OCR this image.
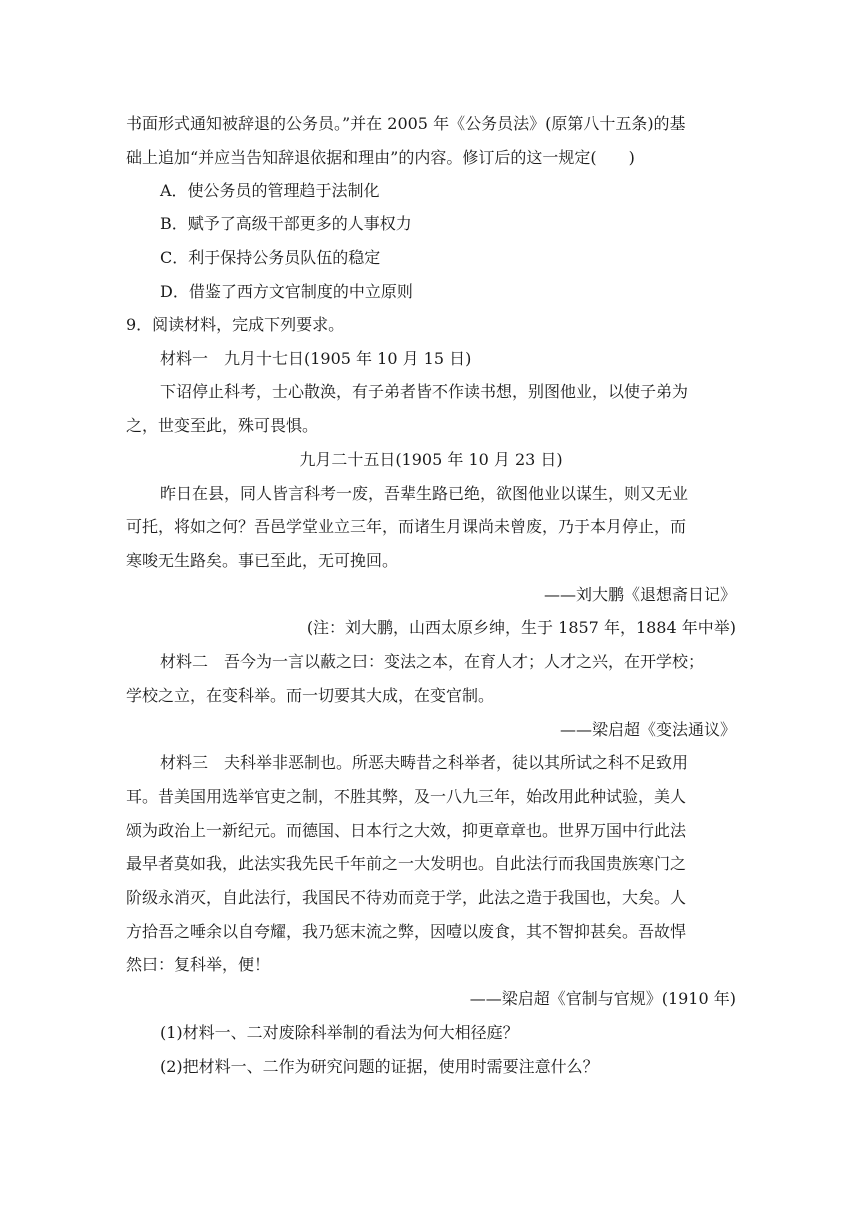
书面形式通知被辞退的公务员。”并在 2005 年《公务员法》(原第八十五条)的基
础上追加“并应当告知辞退依据和理由”的内容。修订后的这一规定(　　)
A．使公务员的管理趋于法制化
B．赋予了高级干部更多的人事权力
C．利于保持公务员队伍的稳定
D．借鉴了西方文官制度的中立原则
9．阅读材料，完成下列要求。
材料一　九月十七日(1905 年 10 月 15 日)
下诏停止科考，士心散涣，有子弟者皆不作读书想，别图他业，以使子弟为
之，世变至此，殊可畏惧。
九月二十五日(1905 年 10 月 23 日)
昨日在县，同人皆言科考一废，吾辈生路已绝，欲图他业以谋生，则又无业
可托，将如之何？吾邑学堂业立三年，而诸生月课尚未曾废，乃于本月停止，而
寒唆无生路矣。事已至此，无可挽回。
——刘大鹏《退想斋日记》
(注：刘大鹏，山西太原乡绅，生于 1857 年，1884 年中举)
材料二　吾今为一言以蔽之曰：变法之本，在育人才；人才之兴，在开学校；
学校之立，在变科举。而一切要其大成，在变官制。
——梁启超《变法通议》
材料三　夫科举非恶制也。所恶夫畴昔之科举者，徒以其所试之科不足致用
耳。昔美国用选举官吏之制，不胜其弊，及一八九三年，始改用此种试验，美人
颂为政治上一新纪元。而德国、日本行之大效，抑更章章也。世界万国中行此法
最早者莫如我，此法实我先民千年前之一大发明也。自此法行而我国贵族寒门之
阶级永消灭，自此法行，我国民不待劝而竞于学，此法之造于我国也，大矣。人
方拾吾之唾余以自夸耀，我乃惩末流之弊，因噎以废食，其不智抑甚矣。吾故悍
然曰：复科举，便！
——梁启超《官制与官规》(1910 年)
(1)材料一、二对废除科举制的看法为何大相径庭？
(2)把材料一、二作为研究问题的证据，使用时需要注意什么？
